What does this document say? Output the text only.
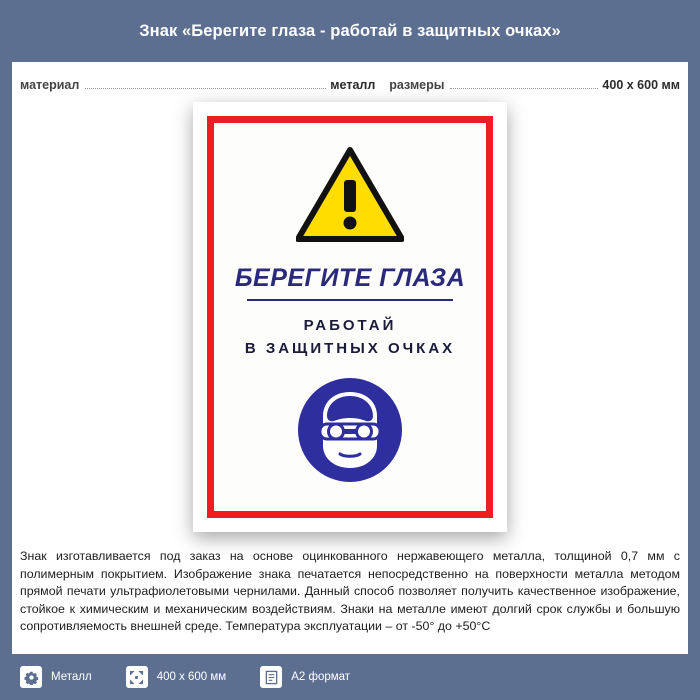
Знак «Берегите глаза - работай в защитных очках»
материал	металл размеры	400 x 600 мм
БЕРЕГИТЕ ГЛАЗА
РАБОТАЙ
В ЗАЩИТНЫХ ОЧКАХ
Знак изготавливается под заказ на основе оцинкованного нержавеющего металла, толщиной 0,7 мм с полимерным покрытием. Изображение знака печатается непосредственно на поверхности металла методом прямой печати ультрафиолетовыми чернилами. Данный способ позволяет получить качественное изображение, стойкое к химическим и механическим воздействиям. Знаки на металле имеют долгий срок службы и большую сопротивляемость внешней среде. Температура эксплуатации – от -50° до +50°C
Металл	400 x 600 мм	А2 формат
